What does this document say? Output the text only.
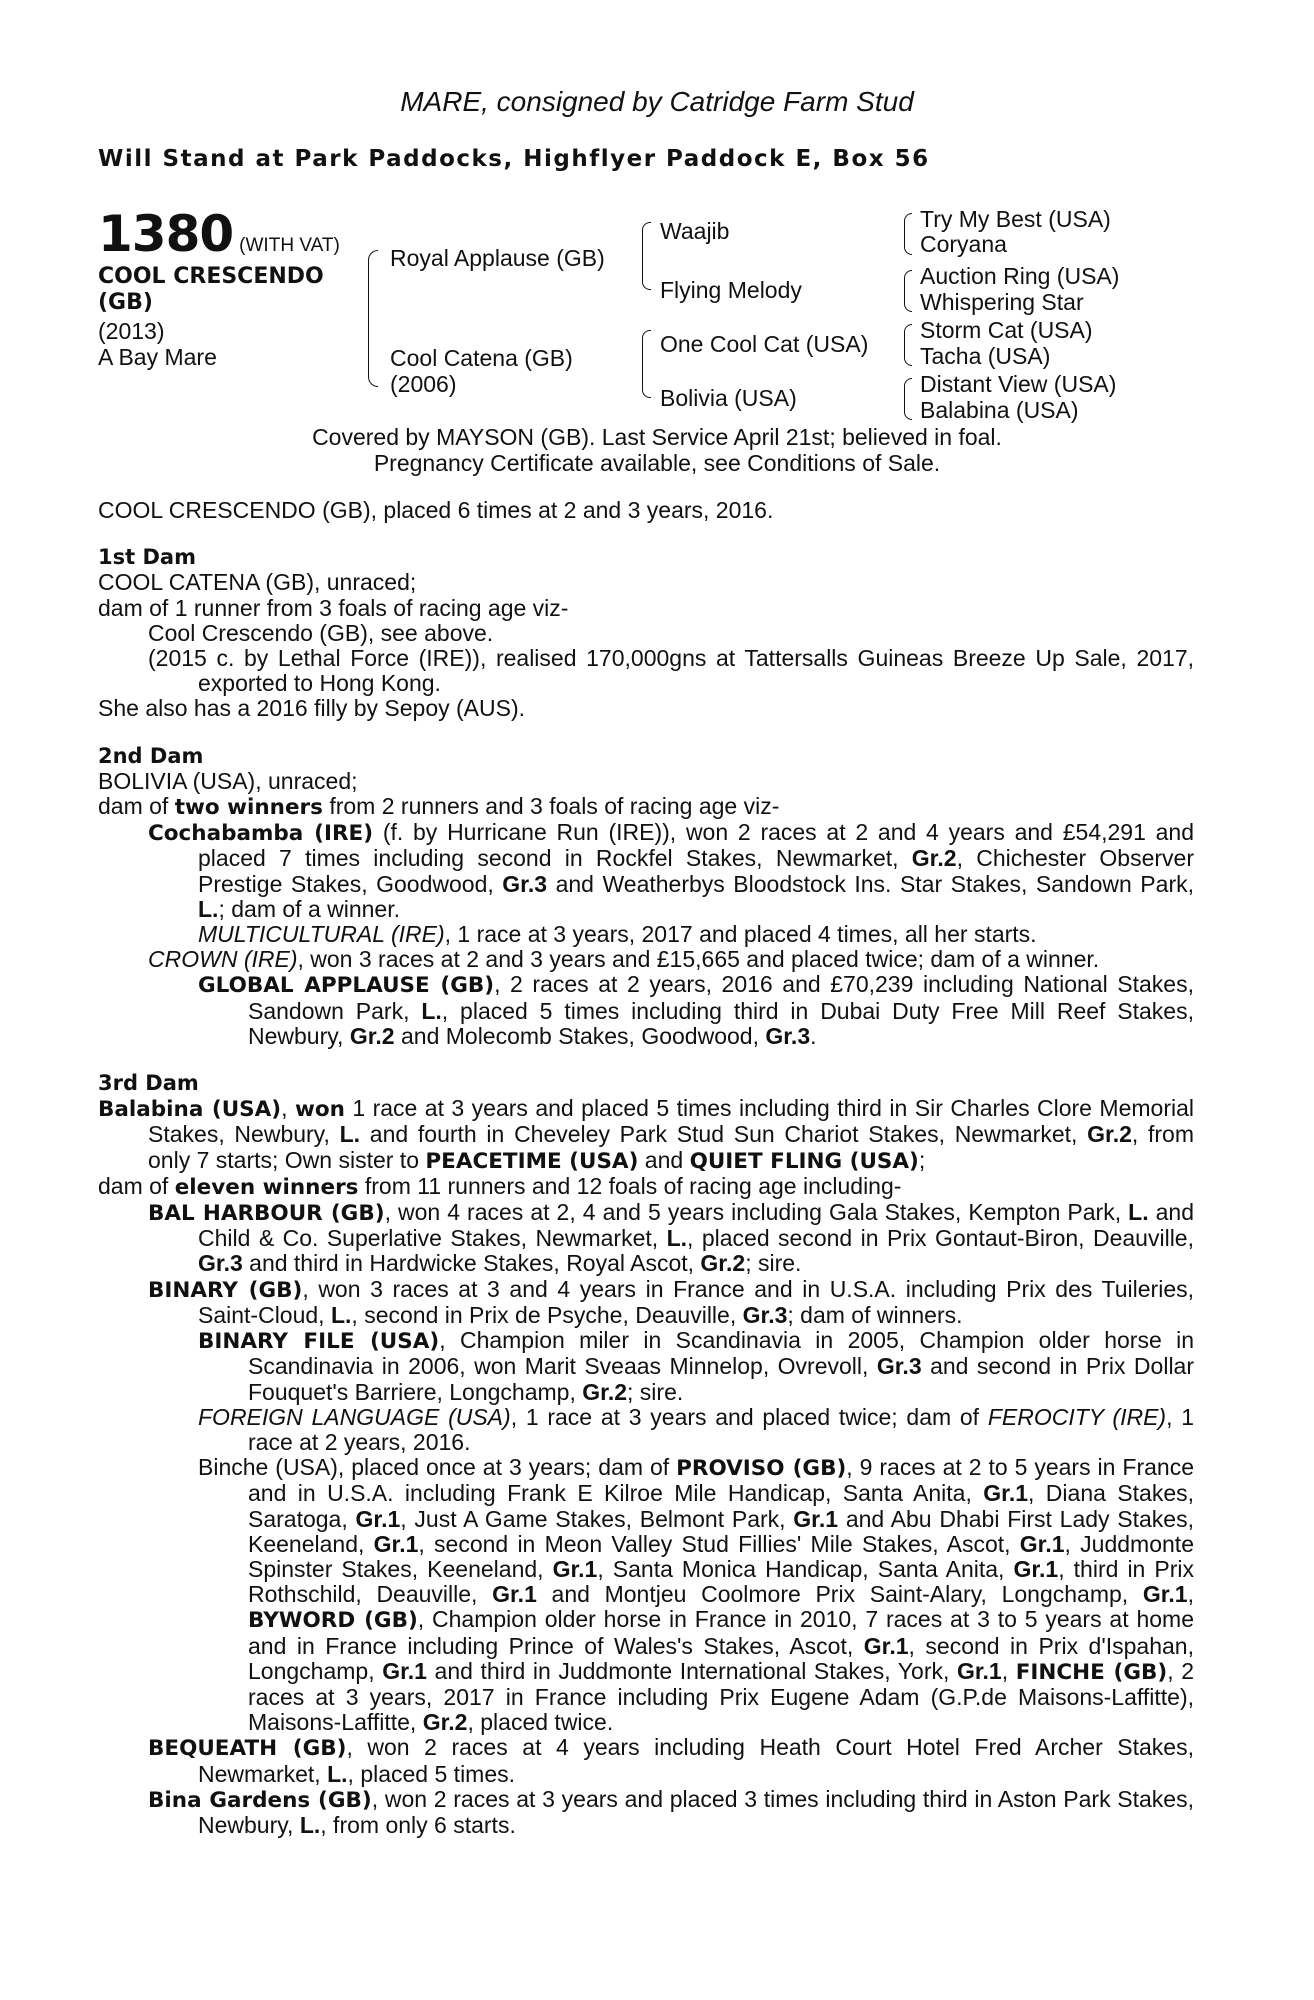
MARE, consigned by Catridge Farm Stud
Will Stand at Park Paddocks, Highflyer Paddock E, Box 56
1380 (WITH VAT)
COOL CRESCENDO
(GB)
(2013)
A Bay Mare
Royal Applause (GB)
Cool Catena (GB)
(2006)
Waajib
Flying Melody
One Cool Cat (USA)
Bolivia (USA)
Try My Best (USA)
Coryana
Auction Ring (USA)
Whispering Star
Storm Cat (USA)
Tacha (USA)
Distant View (USA)
Balabina (USA)
Covered by MAYSON (GB). Last Service April 21st; believed in foal.
Pregnancy Certificate available, see Conditions of Sale.

COOL CRESCENDO (GB), placed 6 times at 2 and 3 years, 2016.

1st Dam

COOL CATENA (GB), unraced;

dam of 1 runner from 3 foals of racing age viz-

Cool Crescendo (GB), see above.

(2015 c. by Lethal Force (IRE)), realised 170,000gns at Tattersalls Guineas Breeze Up Sale, 2017, exported to Hong Kong.

She also has a 2016 filly by Sepoy (AUS).

2nd Dam

BOLIVIA (USA), unraced;

dam of two winners from 2 runners and 3 foals of racing age viz-

Cochabamba (IRE) (f. by Hurricane Run (IRE)), won 2 races at 2 and 4 years and £54,291 and placed 7 times including second in Rockfel Stakes, Newmarket, Gr.2, Chichester Observer Prestige Stakes, Goodwood, Gr.3 and Weatherbys Bloodstock Ins. Star Stakes, Sandown Park, L.; dam of a winner.

MULTICULTURAL (IRE), 1 race at 3 years, 2017 and placed 4 times, all her starts.

CROWN (IRE), won 3 races at 2 and 3 years and £15,665 and placed twice; dam of a winner.

GLOBAL APPLAUSE (GB), 2 races at 2 years, 2016 and £70,239 including National Stakes, Sandown Park, L., placed 5 times including third in Dubai Duty Free Mill Reef Stakes, Newbury, Gr.2 and Molecomb Stakes, Goodwood, Gr.3.

3rd Dam

Balabina (USA), won 1 race at 3 years and placed 5 times including third in Sir Charles Clore Memorial Stakes, Newbury, L. and fourth in Cheveley Park Stud Sun Chariot Stakes, Newmarket, Gr.2, from only 7 starts; Own sister to PEACETIME (USA) and QUIET FLING (USA);

dam of eleven winners from 11 runners and 12 foals of racing age including-

BAL HARBOUR (GB), won 4 races at 2, 4 and 5 years including Gala Stakes, Kempton Park, L. and Child & Co. Superlative Stakes, Newmarket, L., placed second in Prix Gontaut-Biron, Deauville, Gr.3 and third in Hardwicke Stakes, Royal Ascot, Gr.2; sire.

BINARY (GB), won 3 races at 3 and 4 years in France and in U.S.A. including Prix des Tuileries, Saint-Cloud, L., second in Prix de Psyche, Deauville, Gr.3; dam of winners.

BINARY FILE (USA), Champion miler in Scandinavia in 2005, Champion older horse in Scandinavia in 2006, won Marit Sveaas Minnelop, Ovrevoll, Gr.3 and second in Prix Dollar Fouquet's Barriere, Longchamp, Gr.2; sire.

FOREIGN LANGUAGE (USA), 1 race at 3 years and placed twice; dam of FEROCITY (IRE), 1 race at 2 years, 2016.

Binche (USA), placed once at 3 years; dam of PROVISO (GB), 9 races at 2 to 5 years in France and in U.S.A. including Frank E Kilroe Mile Handicap, Santa Anita, Gr.1, Diana Stakes, Saratoga, Gr.1, Just A Game Stakes, Belmont Park, Gr.1 and Abu Dhabi First Lady Stakes, Keeneland, Gr.1, second in Meon Valley Stud Fillies' Mile Stakes, Ascot, Gr.1, Juddmonte Spinster Stakes, Keeneland, Gr.1, Santa Monica Handicap, Santa Anita, Gr.1, third in Prix Rothschild, Deauville, Gr.1 and Montjeu Coolmore Prix Saint-Alary, Longchamp, Gr.1, BYWORD (GB), Champion older horse in France in 2010, 7 races at 3 to 5 years at home and in France including Prince of Wales's Stakes, Ascot, Gr.1, second in Prix d'Ispahan, Longchamp, Gr.1 and third in Juddmonte International Stakes, York, Gr.1, FINCHE (GB), 2 races at 3 years, 2017 in France including Prix Eugene Adam (G.P.de Maisons-Laffitte), Maisons-Laffitte, Gr.2, placed twice.

BEQUEATH (GB), won 2 races at 4 years including Heath Court Hotel Fred Archer Stakes, Newmarket, L., placed 5 times.

Bina Gardens (GB), won 2 races at 3 years and placed 3 times including third in Aston Park Stakes, Newbury, L., from only 6 starts.
